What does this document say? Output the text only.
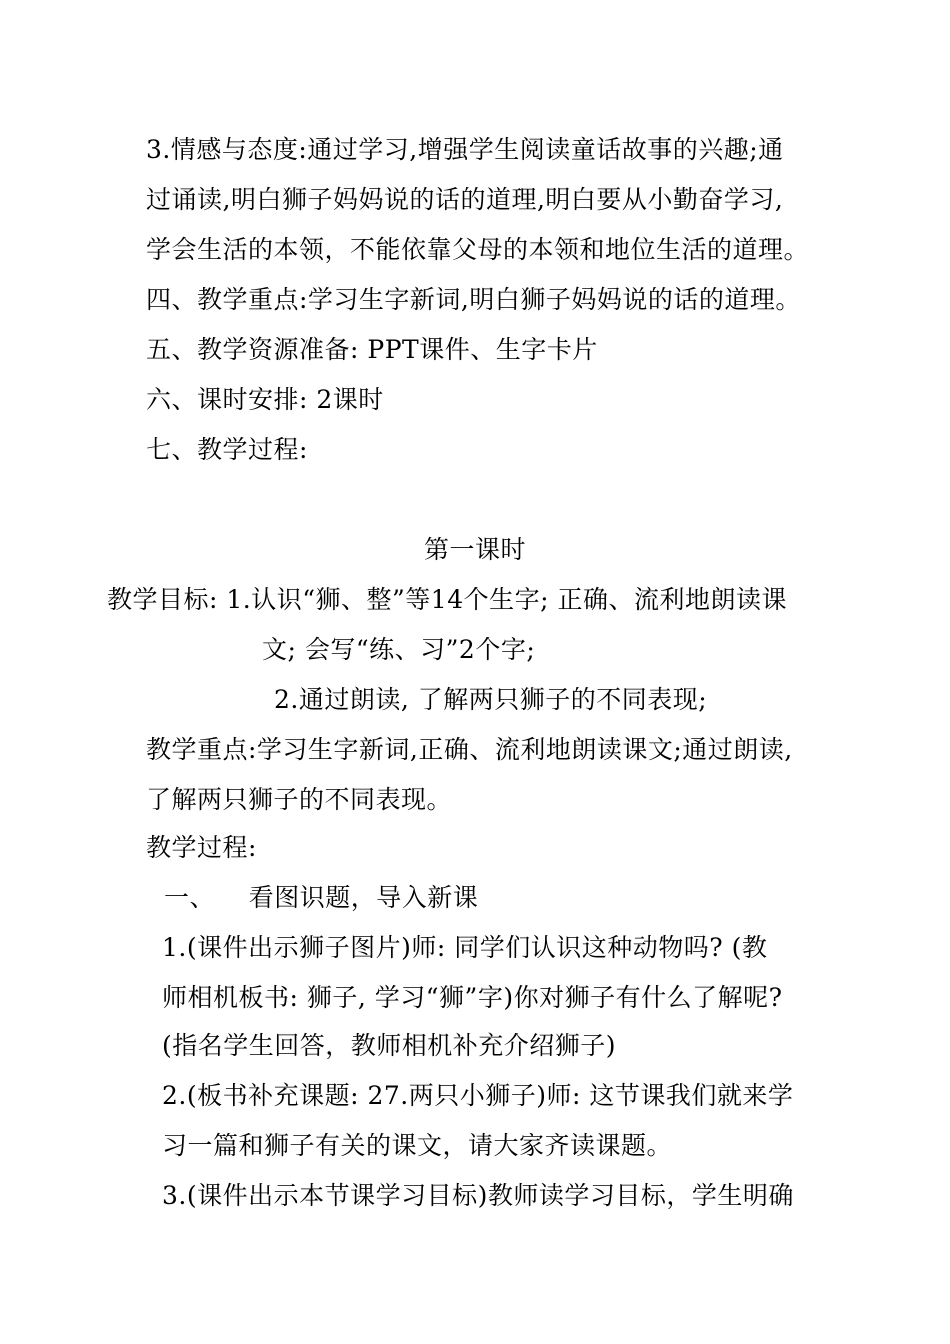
3.情感与态度:通过学习,增强学生阅读童话故事的兴趣;通
过诵读,明白狮子妈妈说的话的道理,明白要从小勤奋学习,
学会生活的本领，不能依靠父母的本领和地位生活的道理。
四、教学重点:学习生字新词,明白狮子妈妈说的话的道理。
五、教学资源准备: PPT课件、生字卡片
六、课时安排: 2课时
七、教学过程:
第一课时
教学目标: 1.认识“狮、整”等14个生字; 正确、流利地朗读课
文; 会写“练、习”2个字;
2.通过朗读, 了解两只狮子的不同表现;
教学重点:学习生字新词,正确、流利地朗读课文;通过朗读,
了解两只狮子的不同表现。
教学过程:
一、    看图识题，导入新课
1.(课件出示狮子图片)师: 同学们认识这种动物吗? (教
师相机板书: 狮子, 学习“狮”字)你对狮子有什么了解呢?
(指名学生回答，教师相机补充介绍狮子)
2.(板书补充课题: 27.两只小狮子)师: 这节课我们就来学
习一篇和狮子有关的课文，请大家齐读课题。
3.(课件出示本节课学习目标)教师读学习目标，学生明确
